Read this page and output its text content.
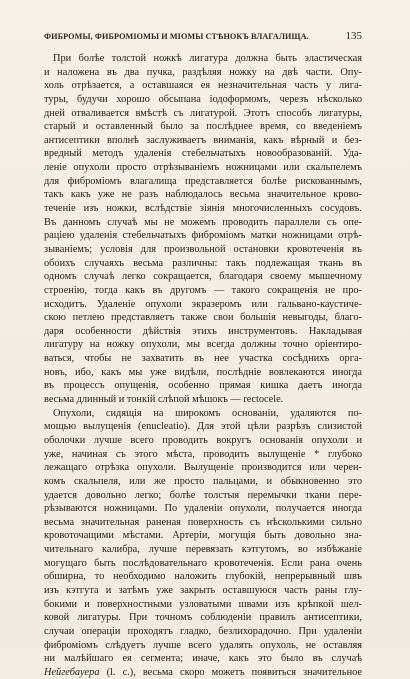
ФИБРОМЫ, ФИБРОМІОМЫ И МІОМЫ СТѢНОКЪ ВЛАГАЛИЩА.	135
При болѣе толстой ножкѣ лигатура должна быть эластическая
и наложена въ два пучка, раздѣляя ножку на двѣ части. Опу-
холь отрѣзается, а оставшаяся ея незначительная часть у лига-
туры, будучи хорошо обсыпана іодоформомъ, черезъ нѣсколько
дней отваливается вмѣстѣ съ лигатурой. Этотъ способъ лигатуры,
старый и оставленный было за послѣднее время, со введеніемъ
антисептики вполнѣ заслуживаетъ вниманія, какъ вѣрный и без-
вредный методъ удаленія стебельчатыхъ новообразованій. Уда-
леніе опухоли просто отрѣзываніемъ ножницами или скальпелемъ
для фиброміомъ влагалища представляется болѣе рискованнымъ,
такъ какъ уже не разъ наблюдалось весьма значительное крово-
теченіе изъ ножки, вслѣдствіе зіянія многочисленныхъ сосудовъ.
Въ данномъ случаѣ мы не можемъ проводить параллели съ опе-
раціею удаленія стебельчатыхъ фиброміомъ матки ножницами отрѣ-
зываніемъ; условія для произвольной остановки кровотеченія въ
обоихъ случаяхъ весьма различны: такъ подлежащая ткань въ
одномъ случаѣ легко сокращается, благодаря своему мышечному
строенію, тогда какъ въ другомъ — такого сокращенія не про-
исходитъ. Удаленіе опухоли экразеромъ или гальвано-каустиче-
скою петлею представляетъ также свои большія невыгоды, благо-
даря особенности дѣйствія этихъ инструментовъ. Накладывая
лигатуру на ножку опухоли, мы всегда должны точно оріентиро-
ваться, чтобы не захватить въ нее участка сосѣднихъ орга-
новъ, ибо, какъ мы уже видѣли, послѣдніе вовлекаются иногда
въ процессъ опущенія, особенно прямая кишка даетъ иногда
весьма длинный и тонкій слѣпой мѣшокъ — rectocele.
Опухоли, сидящія на широкомъ основаніи, удаляются по-
мощью вылущенія (enucleatio). Для этой цѣли разрѣзъ слизистой
оболочки лучше всего проводить вокругъ основанія опухоли и
уже, начиная съ этого мѣста, проводить вылущеніе * глубоко
лежащаго отрѣзка опухоли. Вылущеніе производится или черен-
комъ скальпеля, или же просто пальцами, и обыкновенно это
удается довольно легко; болѣе толстыя перемычки ткани пере-
рѣзываются ножницами. По удаленіи опухоли, получается иногда
весьма значительная раненая поверхность съ нѣсколькими сильно
кровоточащими мѣстами. Артеріи, могущія быть довольно зна-
чительнаго калибра, лучше перевязать кэтгутомъ, во избѣжаніе
могущаго быть послѣдовательнаго кровотеченія. Если рана очень
обширна, то необходимо наложить глубокій, непрерывный швъ
изъ кэтгута и затѣмъ уже закрыть оставшуюся часть раны глу-
бокими и поверхностными узловатыми швами изъ крѣпкой шел-
ковой лигатуры. При точномъ соблюденіи правилъ антисептики,
случаи операціи проходятъ гладко, безлихорадочно. При удаленіи
фиброміомъ слѣдуетъ лучше всего удалять опухоль, не оставляя
ни малѣйшаго ея сегмента; иначе, какъ это было въ случаѣ
Нейгебауера (l. c.), весьма скоро можетъ появиться значительное
